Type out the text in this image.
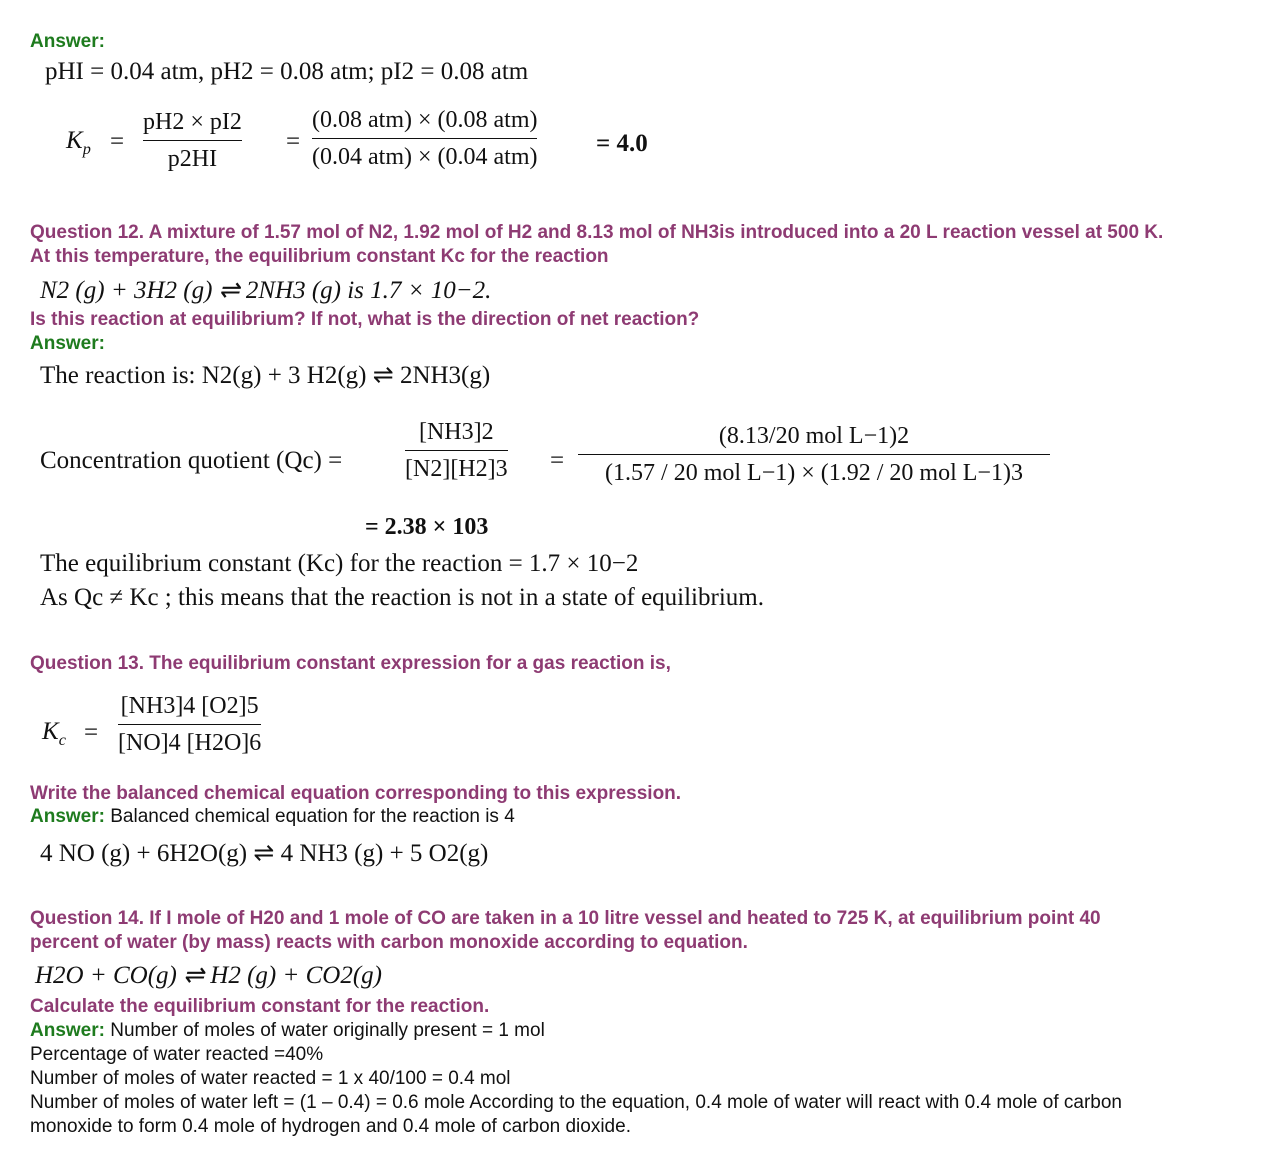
Answer:
pHI = 0.04 atm, pH2 = 0.08 atm; pI2 = 0.08 atm
$K_p$ =
pH2 × pI2
p2HI
=
(0.08 atm) × (0.08 atm)
(0.04 atm) × (0.04 atm) = 4.0
Question 12. A mixture of 1.57 mol of N2, 1.92 mol of H2 and 8.13 mol of NH3is introduced into a 20 L reaction vessel at 500 K.
At this temperature, the equilibrium constant Kc for the reaction
N2 (g) + 3H2 (g) ⇌ 2NH3 (g) is 1.7 × 10−2.
Is this reaction at equilibrium? If not, what is the direction of net reaction?
Answer:
The reaction is: N2(g) + 3 H2(g) ⇌ 2NH3(g)
Concentration quotient (Qc) =
[NH3]2
[N2][H2]3 =
(8.13/20 mol L−1)2
(1.57 / 20 mol L−1) × (1.92 / 20 mol L−1)3
= 2.38 × 103
The equilibrium constant (Kc) for the reaction = 1.7 × 10−2
As Qc ≠ Kc ; this means that the reaction is not in a state of equilibrium.
Question 13. The equilibrium constant expression for a gas reaction is,
$K_c$ =
[NH3]4 [O2]5
[NO]4 [H2O]6
Write the balanced chemical equation corresponding to this expression.
Answer: Balanced chemical equation for the reaction is 4
4 NO (g) + 6H2O(g) ⇌ 4 NH3 (g) + 5 O2(g)
Question 14. If I mole of H20 and 1 mole of CO are taken in a 10 litre vessel and heated to 725 K, at equilibrium point 40
percent of water (by mass) reacts with carbon monoxide according to equation.
H2O + CO(g) ⇌ H2 (g) + CO2(g)
Calculate the equilibrium constant for the reaction.
Answer: Number of moles of water originally present = 1 mol
Percentage of water reacted =40%
Number of moles of water reacted = 1 x 40/100 = 0.4 mol
Number of moles of water left = (1 – 0.4) = 0.6 mole According to the equation, 0.4 mole of water will react with 0.4 mole of carbon
monoxide to form 0.4 mole of hydrogen and 0.4 mole of carbon dioxide.
